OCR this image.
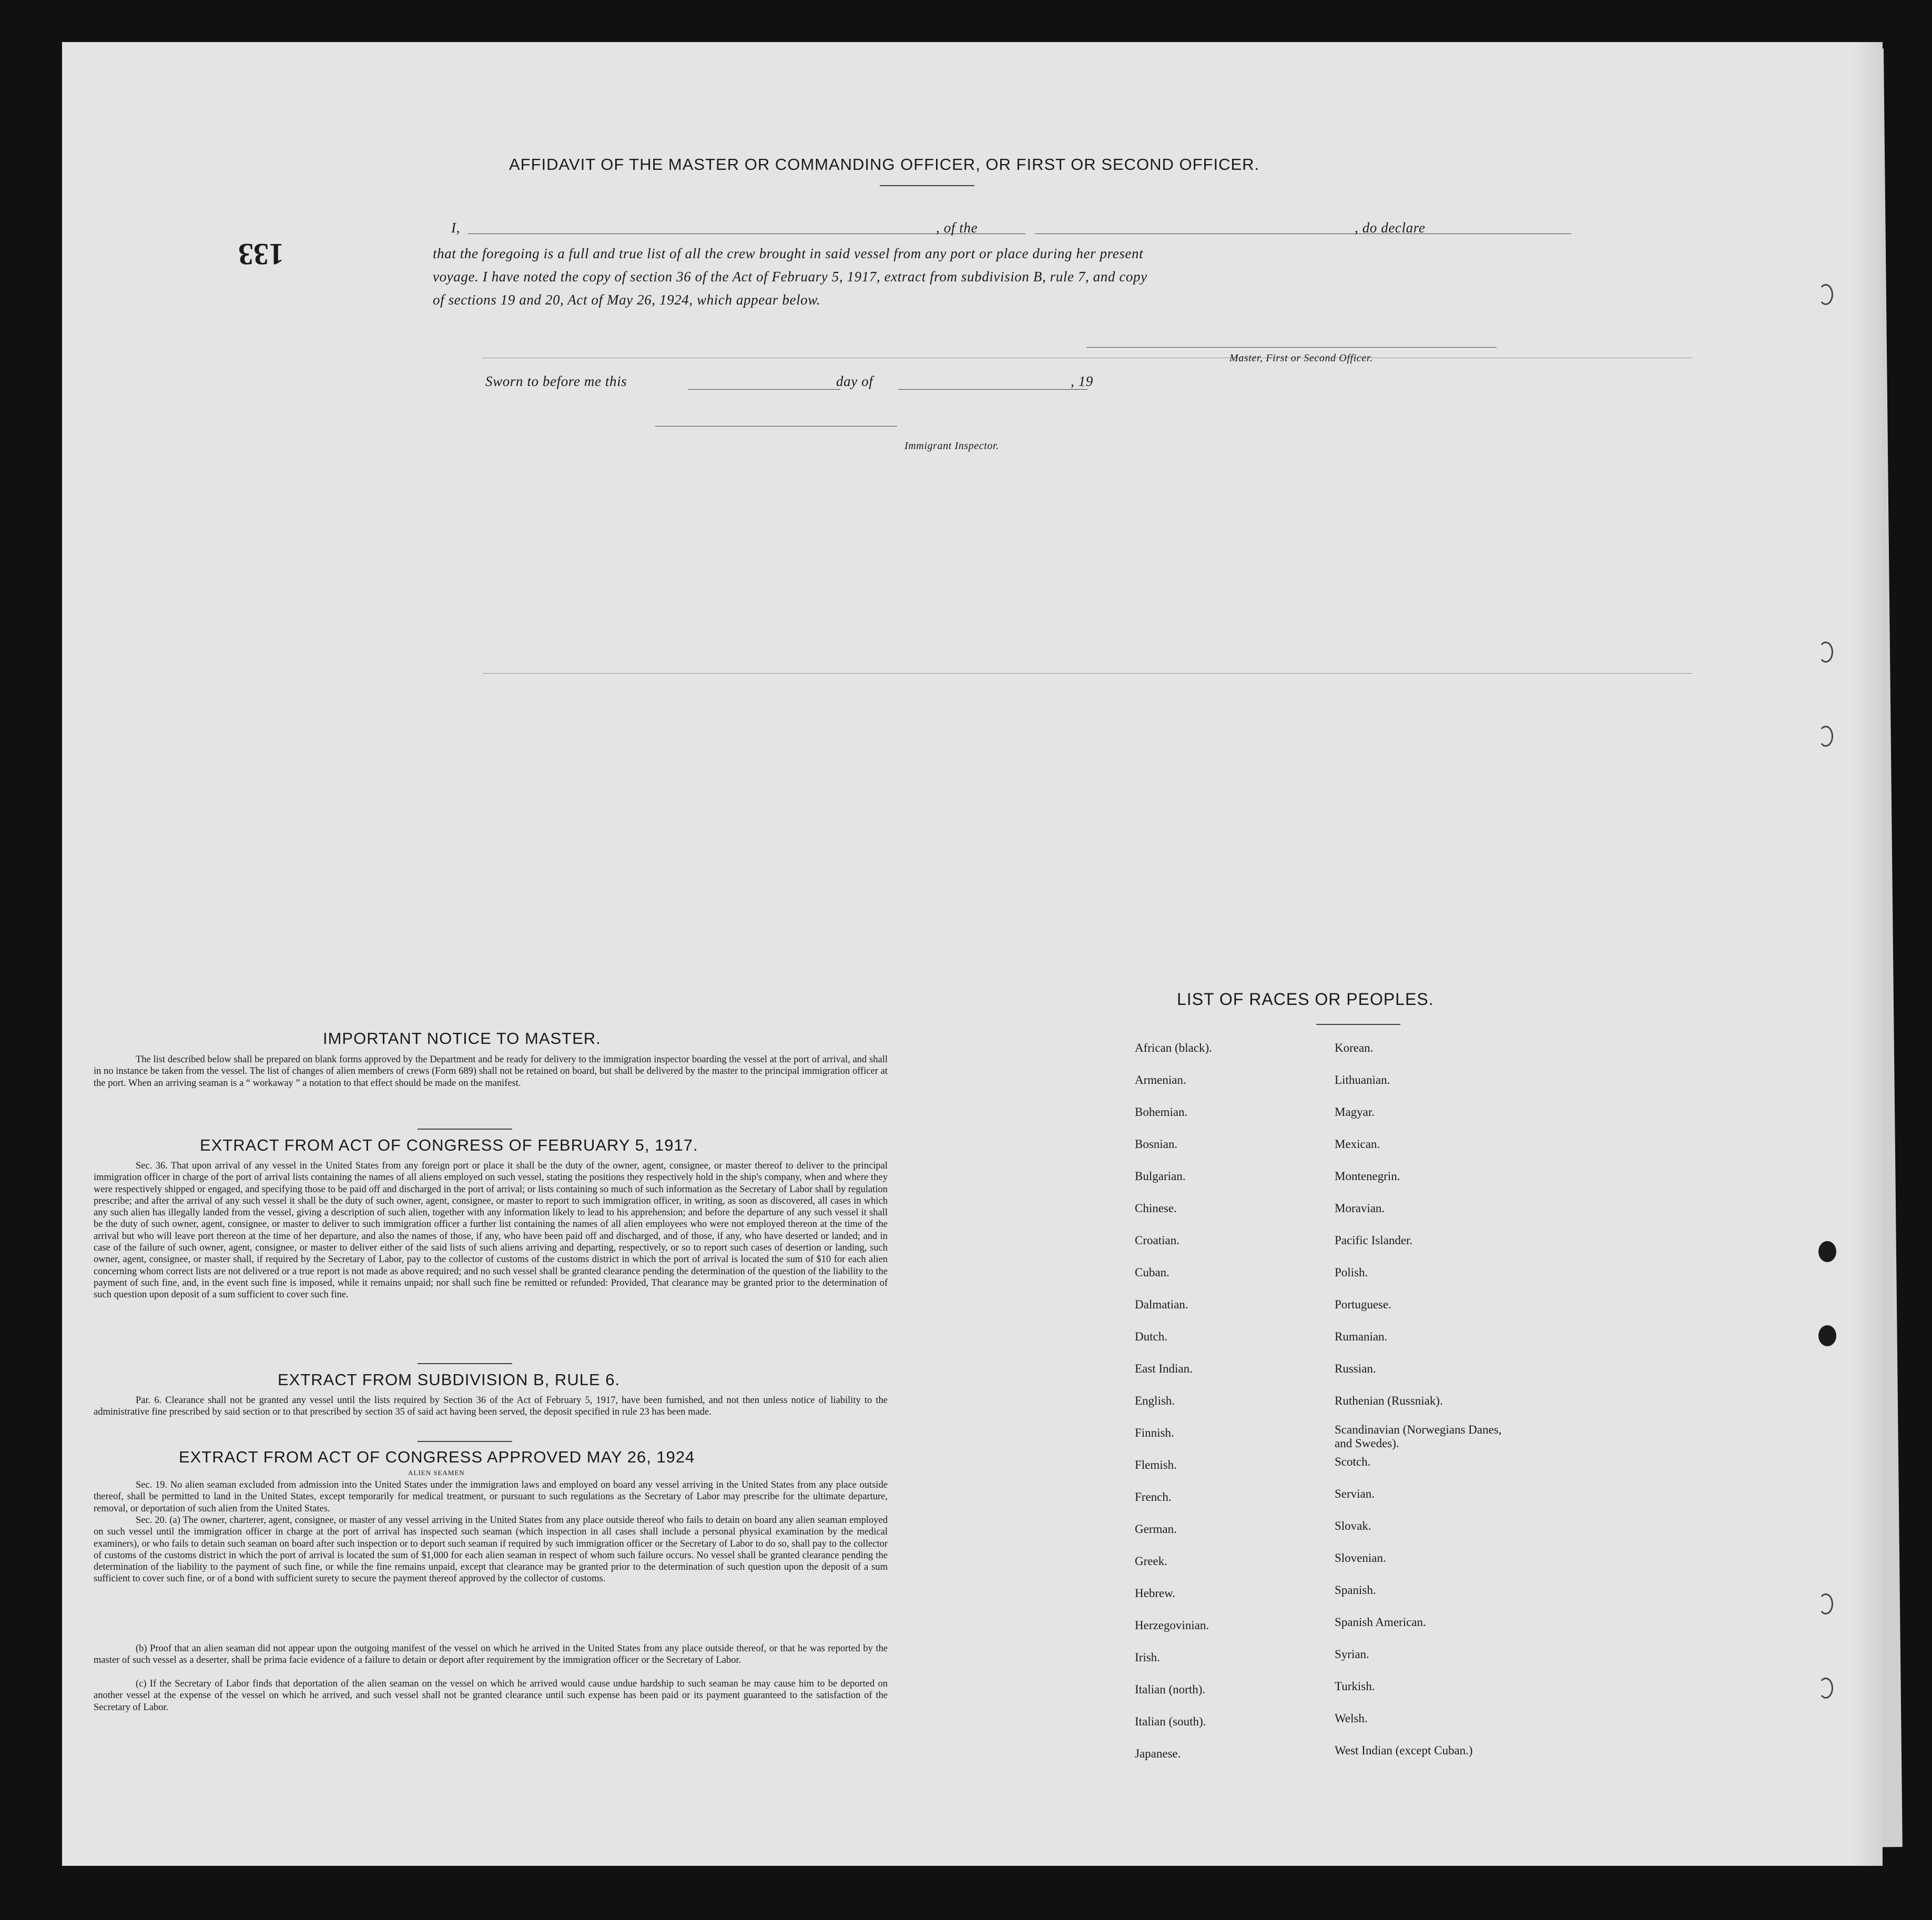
133
AFFIDAVIT OF THE MASTER OR COMMANDING OFFICER, OR FIRST OR SECOND OFFICER.
I,	, of the	, do declare
that the foregoing is a full and true list of all the crew brought in said vessel from any port or place during her present
voyage. I have noted the copy of section 36 of the Act of February 5, 1917, extract from subdivision B, rule 7, and copy
of sections 19 and 20, Act of May 26, 1924, which appear below.
Master, First or Second Officer.
Sworn to before me this	day of	, 19
Immigrant Inspector.
IMPORTANT NOTICE TO MASTER.
The list described below shall be prepared on blank forms approved by the Department and be ready for delivery to the immigration inspector boarding the vessel at the port of arrival, and shall in no instance be taken from the vessel. The list of changes of alien members of crews (Form 689) shall not be retained on board, but shall be delivered by the master to the principal immigration officer at the port. When an arriving seaman is a “ workaway ” a notation to that effect should be made on the manifest.
EXTRACT FROM ACT OF CONGRESS OF FEBRUARY 5, 1917.
Sec. 36. That upon arrival of any vessel in the United States from any foreign port or place it shall be the duty of the owner, agent, consignee, or master thereof to deliver to the principal immigration officer in charge of the port of arrival lists containing the names of all aliens employed on such vessel, stating the positions they respectively hold in the ship's company, when and where they were respectively shipped or engaged, and specifying those to be paid off and discharged in the port of arrival; or lists containing so much of such information as the Secretary of Labor shall by regulation prescribe; and after the arrival of any such vessel it shall be the duty of such owner, agent, consignee, or master to report to such immigration officer, in writing, as soon as discovered, all cases in which any such alien has illegally landed from the vessel, giving a description of such alien, together with any information likely to lead to his apprehension; and before the departure of any such vessel it shall be the duty of such owner, agent, consignee, or master to deliver to such immigration officer a further list containing the names of all alien employees who were not employed thereon at the time of the arrival but who will leave port thereon at the time of her departure, and also the names of those, if any, who have been paid off and discharged, and of those, if any, who have deserted or landed; and in case of the failure of such owner, agent, consignee, or master to deliver either of the said lists of such aliens arriving and departing, respectively, or so to report such cases of desertion or landing, such owner, agent, consignee, or master shall, if required by the Secretary of Labor, pay to the collector of customs of the customs district in which the port of arrival is located the sum of $10 for each alien concerning whom correct lists are not delivered or a true report is not made as above required; and no such vessel shall be granted clearance pending the determination of the question of the liability to the payment of such fine, and, in the event such fine is imposed, while it remains unpaid; nor shall such fine be remitted or refunded: Provided, That clearance may be granted prior to the determination of such question upon deposit of a sum sufficient to cover such fine.
EXTRACT FROM SUBDIVISION B, RULE 6.
Par. 6. Clearance shall not be granted any vessel until the lists required by Section 36 of the Act of February 5, 1917, have been furnished, and not then unless notice of liability to the administrative fine prescribed by said section or to that prescribed by section 35 of said act having been served, the deposit specified in rule 23 has been made.
EXTRACT FROM ACT OF CONGRESS APPROVED MAY 26, 1924
ALIEN SEAMEN
Sec. 19. No alien seaman excluded from admission into the United States under the immigration laws and employed on board any vessel arriving in the United States from any place outside thereof, shall be permitted to land in the United States, except temporarily for medical treatment, or pursuant to such regulations as the Secretary of Labor may prescribe for the ultimate departure, removal, or deportation of such alien from the United States.
Sec. 20. (a) The owner, charterer, agent, consignee, or master of any vessel arriving in the United States from any place outside thereof who fails to detain on board any alien seaman employed on such vessel until the immigration officer in charge at the port of arrival has inspected such seaman (which inspection in all cases shall include a personal physical examination by the medical examiners), or who fails to detain such seaman on board after such inspection or to deport such seaman if required by such immigration officer or the Secretary of Labor to do so, shall pay to the collector of customs of the customs district in which the port of arrival is located the sum of $1,000 for each alien seaman in respect of whom such failure occurs. No vessel shall be granted clearance pending the determination of the liability to the payment of such fine, or while the fine remains unpaid, except that clearance may be granted prior to the determination of such question upon the deposit of a sum sufficient to cover such fine, or of a bond with sufficient surety to secure the payment thereof approved by the collector of customs.
(b) Proof that an alien seaman did not appear upon the outgoing manifest of the vessel on which he arrived in the United States from any place outside thereof, or that he was reported by the master of such vessel as a deserter, shall be prima facie evidence of a failure to detain or deport after requirement by the immigration officer or the Secretary of Labor.
(c) If the Secretary of Labor finds that deportation of the alien seaman on the vessel on which he arrived would cause undue hardship to such seaman he may cause him to be deported on another vessel at the expense of the vessel on which he arrived, and such vessel shall not be granted clearance until such expense has been paid or its payment guaranteed to the satisfaction of the Secretary of Labor.
LIST OF RACES OR PEOPLES.
African (black).
Armenian.
Bohemian.
Bosnian.
Bulgarian.
Chinese.
Croatian.
Cuban.
Dalmatian.
Dutch.
East Indian.
English.
Finnish.
Flemish.
French.
German.
Greek.
Hebrew.
Herzegovinian.
Irish.
Italian (north).
Italian (south).
Japanese.
Korean.
Lithuanian.
Magyar.
Mexican.
Montenegrin.
Moravian.
Pacific Islander.
Polish.
Portuguese.
Rumanian.
Russian.
Ruthenian (Russniak).
Scandinavian (Norwegians Danes, and Swedes).
Scotch.
Servian.
Slovak.
Slovenian.
Spanish.
Spanish American.
Syrian.
Turkish.
Welsh.
West Indian (except Cuban.)
